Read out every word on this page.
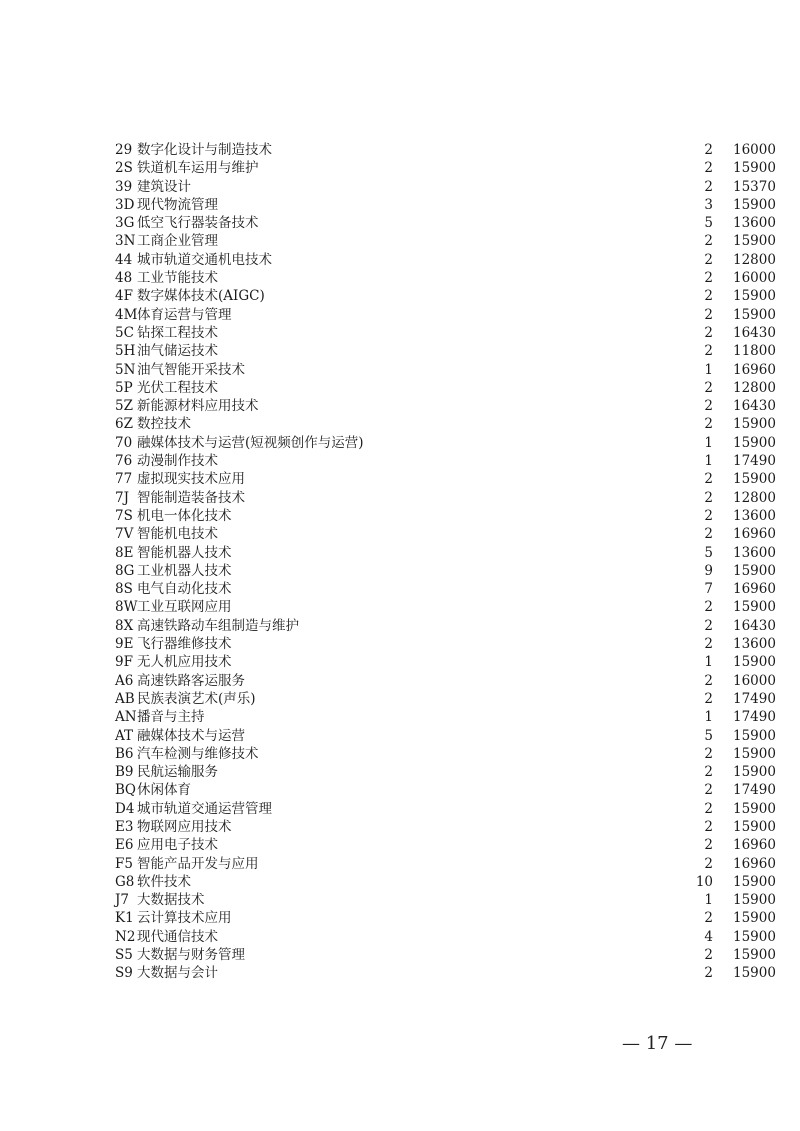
29 数字化设计与制造技术	2 16000
2S 铁道机车运用与维护	2 15900
39 建筑设计	2 15370
3D 现代物流管理	3 15900
3G 低空飞行器装备技术	5 13600
3N 工商企业管理	2 15900
44 城市轨道交通机电技术	2 12800
48 工业节能技术	2 16000
4F 数字媒体技术(AIGC)	2 15900
4M 体育运营与管理	2 15900
5C 钻探工程技术	2 16430
5H 油气储运技术	2 11800
5N 油气智能开采技术	1 16960
5P 光伏工程技术	2 12800
5Z 新能源材料应用技术	2 16430
6Z 数控技术	2 15900
70 融媒体技术与运营(短视频创作与运营)	1 15900
76 动漫制作技术	1 17490
77 虚拟现实技术应用	2 15900
7J 智能制造装备技术	2 12800
7S 机电一体化技术	2 13600
7V 智能机电技术	2 16960
8E 智能机器人技术	5 13600
8G 工业机器人技术	9 15900
8S 电气自动化技术	7 16960
8W 工业互联网应用	2 15900
8X 高速铁路动车组制造与维护	2 16430
9E 飞行器维修技术	2 13600
9F 无人机应用技术	1 15900
A6 高速铁路客运服务	2 16000
AB 民族表演艺术(声乐)	2 17490
AN 播音与主持	1 17490
AT 融媒体技术与运营	5 15900
B6 汽车检测与维修技术	2 15900
B9 民航运输服务	2 15900
BQ 休闲体育	2 17490
D4 城市轨道交通运营管理	2 15900
E3 物联网应用技术	2 15900
E6 应用电子技术	2 16960
F5 智能产品开发与应用	2 16960
G8 软件技术	10 15900
J7 大数据技术	1 15900
K1 云计算技术应用	2 15900
N2 现代通信技术	4 15900
S5 大数据与财务管理	2 15900
S9 大数据与会计	2 15900
— 17 —
